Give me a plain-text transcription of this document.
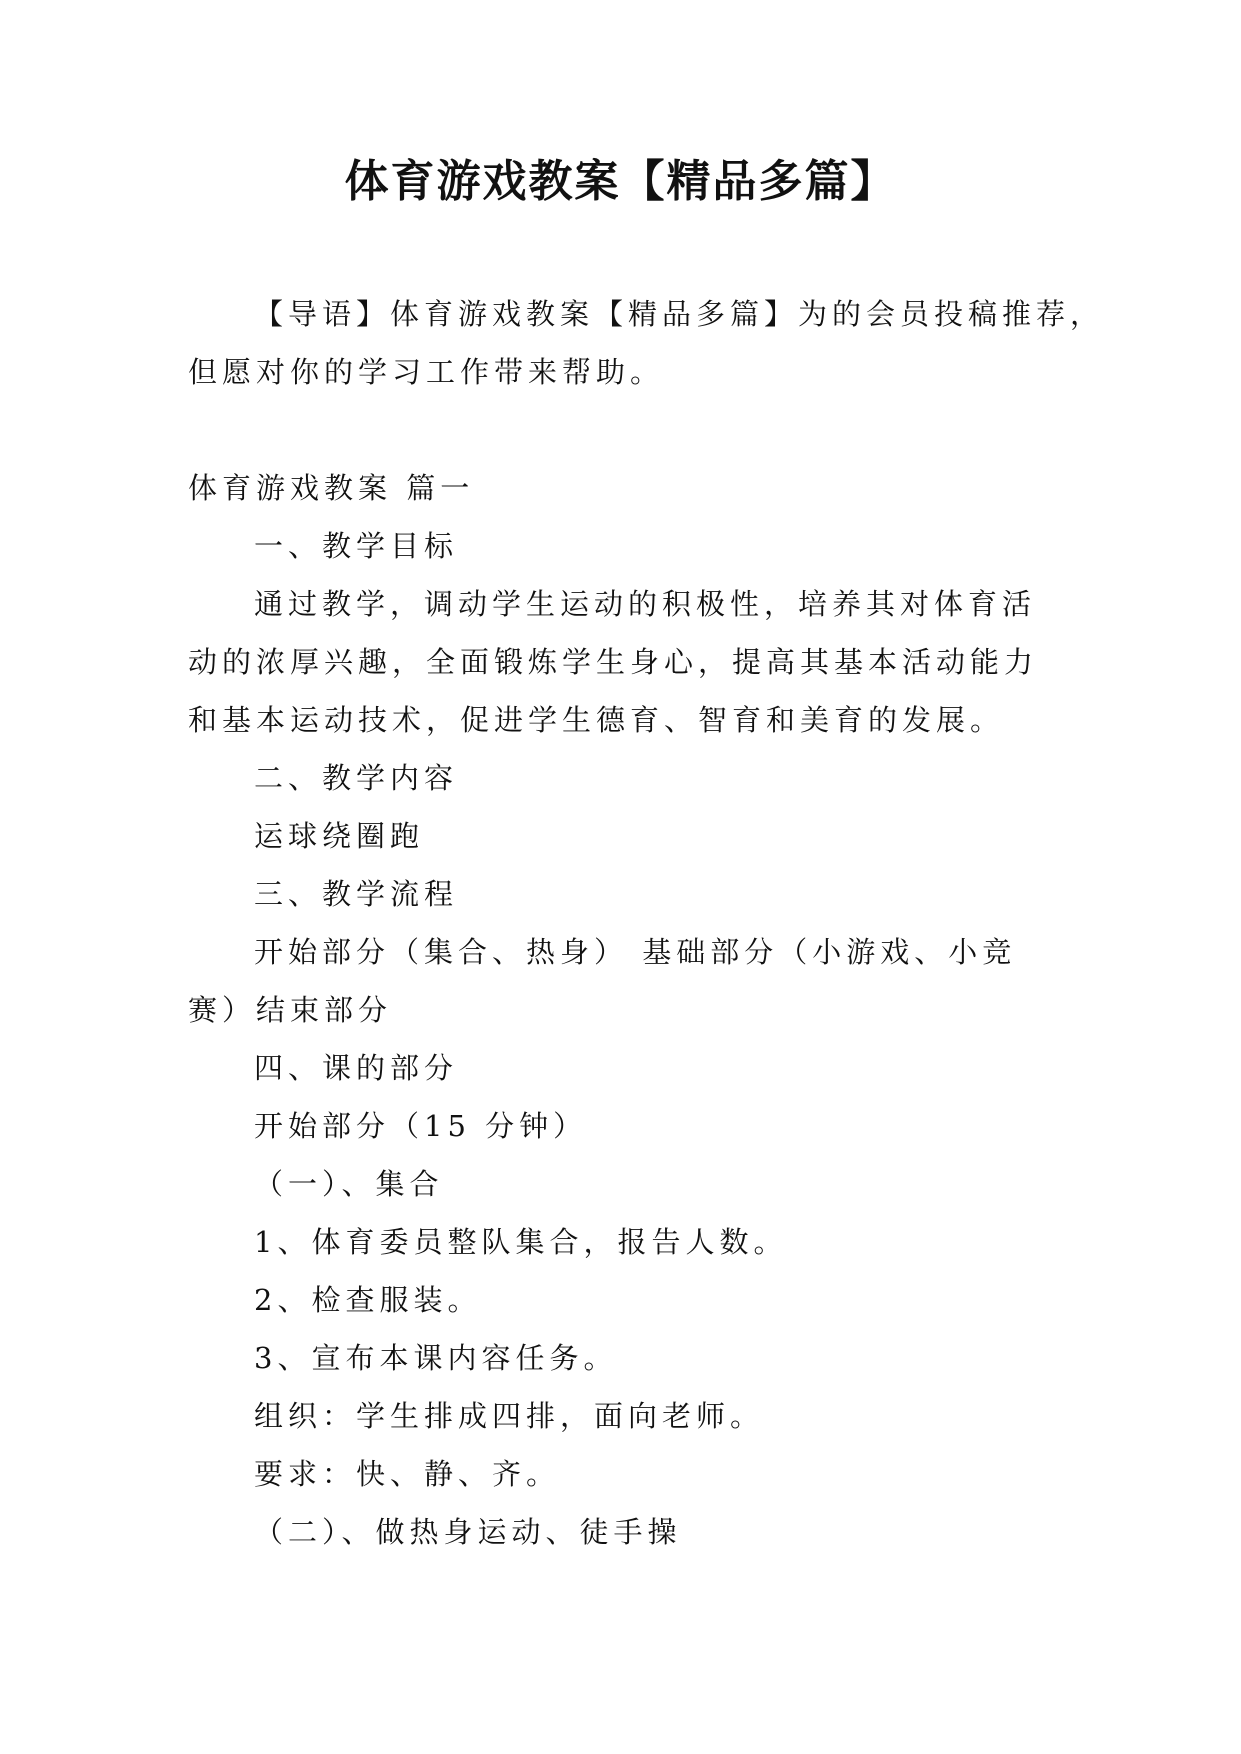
体育游戏教案【精品多篇】

【导语】体育游戏教案【精品多篇】为的会员投稿推荐，

但愿对你的学习工作带来帮助。

体育游戏教案 篇一

一、教学目标

通过教学，调动学生运动的积极性，培养其对体育活动的浓厚兴趣，全面锻炼学生身心，提高其基本活动能力和基本运动技术，促进学生德育、智育和美育的发展。

二、教学内容

运球绕圈跑

三、教学流程

开始部分（集合、热身） 基础部分（小游戏、小竞赛）结束部分

四、课的部分

开始部分（15 分钟）

（一）、集合

1、体育委员整队集合，报告人数。

2、检查服装。

3、宣布本课内容任务。

组织：学生排成四排，面向老师。

要求：快、静、齐。

（二）、做热身运动、徒手操
